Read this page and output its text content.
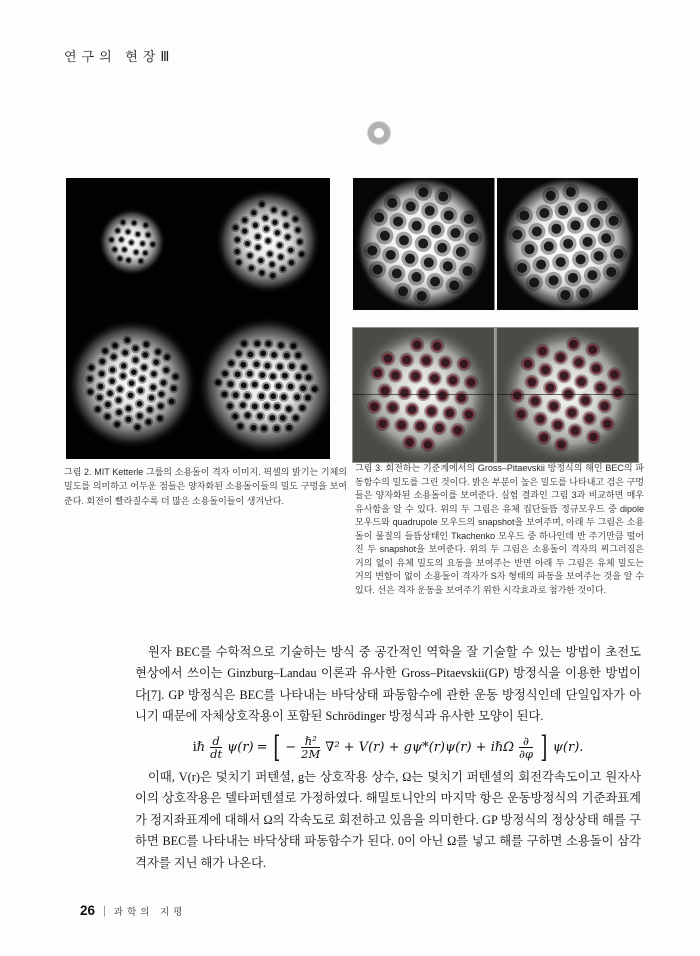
연구의 현장Ⅲ
그림 2. MIT Ketterle 그룹의 소용돌이 격자 이미지. 픽셀의 밝기는 기체의 밀도를 의미하고 어두운 점들은 양자화된 소용돌이들의 밀도 구멍을 보여준다. 회전이 빨라질수록 더 많은 소용돌이들이 생겨난다.
그림 3. 회전하는 기준계에서의 Gross–Pitaevskii 방정식의 해인 BEC의 파동함수의 밀도를 그린 것이다. 밝은 부분이 높은 밀도를 나타내고 검은 구멍들은 양자화된 소용돌이를 보여준다. 실험 결과인 그림 3과 비교하면 매우 유사함을 알 수 있다. 위의 두 그림은 유체 집단들뜸 정규모우드 중 dipole 모우드와 quadrupole 모우드의 snapshot을 보여주며, 아래 두 그림은 소용돌이 물질의 들뜸상태인 Tkachenko 모우드 중 하나인데 반 주기만큼 떨어진 두 snapshot을 보여준다. 위의 두 그림은 소용돌이 격자의 찌그러짐은 거의 없이 유체 밀도의 요동을 보여주는 반면 아래 두 그림은 유체 밀도는 거의 변함이 없이 소용돌이 격자가 S자 형태의 파동을 보여주는 것을 알 수 있다. 선은 격자 운동을 보여주기 위한 시각효과로 첨가한 것이다.

원자 BEC를 수학적으로 기술하는 방식 중 공간적인 역학을 잘 기술할 수 있는 방법이 초전도 현상에서 쓰이는 Ginzburg–Landau 이론과 유사한 Gross–Pitaevskii(GP) 방정식을 이용한 방법이다[7]. GP 방정식은 BEC를 나타내는 바닥상태 파동함수에 관한 운동 방정식인데 단일입자가 아니기 때문에 자체상호작용이 포함된 Schrödinger 방정식과 유사한 모양이 된다.

iℏ $\frac{d}{dt} \psi(r)$ = [ − $\frac{\text{ℏ²}}{2M} \nabla^2 + V(r) + g\psi*(r)\psi(r)$ + iℏΩ $\frac{\partial}{\partial\varphi}$ ] ψ(r).

이때, V(r)은 덫치기 퍼텐셜, g는 상호작용 상수, Ω는 덫치기 퍼텐셜의 회전각속도이고 원자사이의 상호작용은 델타퍼텐셜로 가정하였다. 해밀토니안의 마지막 항은 운동방정식의 기준좌표계가 정지좌표계에 대해서 Ω의 각속도로 회전하고 있음을 의미한다. GP 방정식의 정상상태 해를 구하면 BEC를 나타내는 바닥상태 파동함수가 된다. 0이 아닌 Ω를 넣고 해를 구하면 소용돌이 삼각격자를 지닌 해가 나온다.

26 | 과학의 지평
